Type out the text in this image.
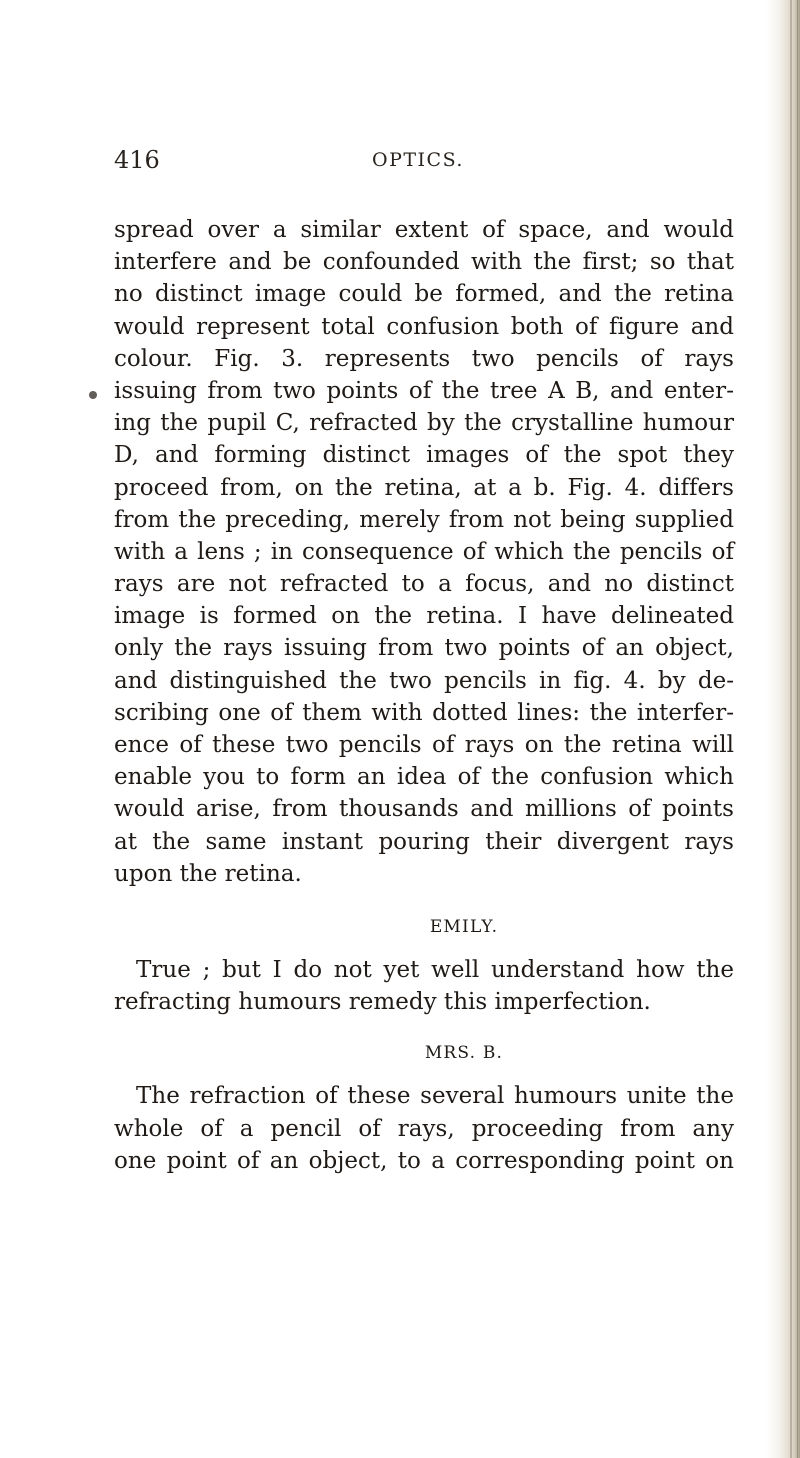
416	OPTICS.
spread over a similar extent of space, and would
interfere and be confounded with the first; so that
no distinct image could be formed, and the retina
would represent total confusion both of figure and
colour. Fig. 3. represents two pencils of rays
issuing from two points of the tree A B, and enter-
ing the pupil C, refracted by the crystalline humour
D, and forming distinct images of the spot they
proceed from, on the retina, at a b. Fig. 4. differs
from the preceding, merely from not being supplied
with a lens ; in consequence of which the pencils of
rays are not refracted to a focus, and no distinct
image is formed on the retina. I have delineated
only the rays issuing from two points of an object,
and distinguished the two pencils in fig. 4. by de-
scribing one of them with dotted lines: the interfer-
ence of these two pencils of rays on the retina will
enable you to form an idea of the confusion which
would arise, from thousands and millions of points
at the same instant pouring their divergent rays
upon the retina.
EMILY.
True ; but I do not yet well understand how the
refracting humours remedy this imperfection.
MRS. B.
The refraction of these several humours unite the
whole of a pencil of rays, proceeding from any
one point of an object, to a corresponding point on
